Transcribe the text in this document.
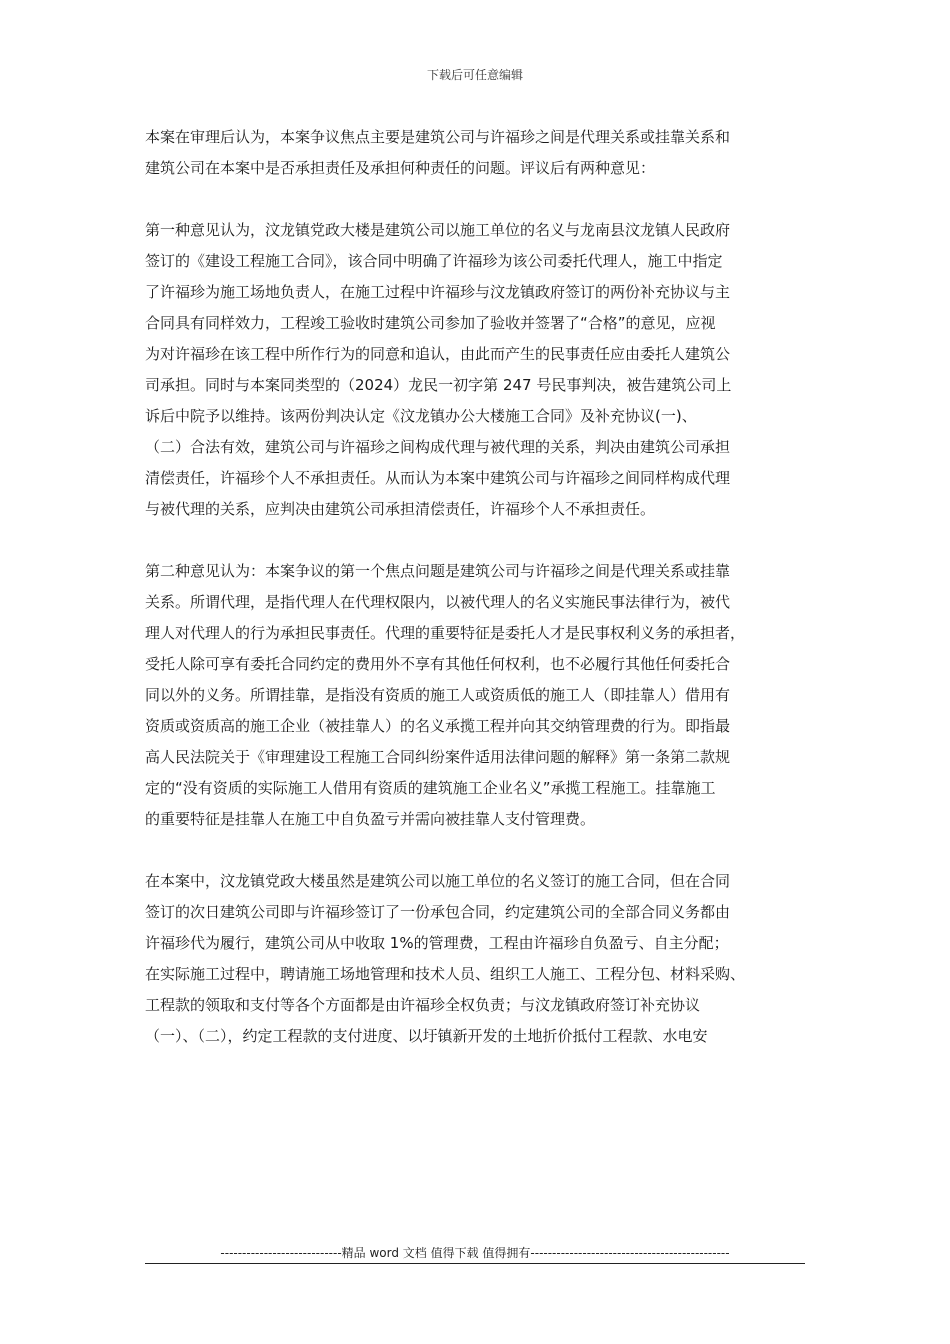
下载后可任意编辑

本案在审理后认为，本案争议焦点主要是建筑公司与许福珍之间是代理关系或挂靠关系和
建筑公司在本案中是否承担责任及承担何种责任的问题。评议后有两种意见：

第一种意见认为，汶龙镇党政大楼是建筑公司以施工单位的名义与龙南县汶龙镇人民政府
签订的《建设工程施工合同》，该合同中明确了许福珍为该公司委托代理人，施工中指定
了许福珍为施工场地负责人，在施工过程中许福珍与汶龙镇政府签订的两份补充协议与主
合同具有同样效力，工程竣工验收时建筑公司参加了验收并签署了“合格”的意见，应视
为对许福珍在该工程中所作行为的同意和追认，由此而产生的民事责任应由委托人建筑公
司承担。同时与本案同类型的（2024）龙民一初字第 247 号民事判决，被告建筑公司上
诉后中院予以维持。该两份判决认定《汶龙镇办公大楼施工合同》及补充协议(一)、
（二）合法有效，建筑公司与许福珍之间构成代理与被代理的关系，判决由建筑公司承担
清偿责任，许福珍个人不承担责任。从而认为本案中建筑公司与许福珍之间同样构成代理
与被代理的关系，应判决由建筑公司承担清偿责任，许福珍个人不承担责任。

第二种意见认为：本案争议的第一个焦点问题是建筑公司与许福珍之间是代理关系或挂靠
关系。所谓代理，是指代理人在代理权限内，以被代理人的名义实施民事法律行为，被代
理人对代理人的行为承担民事责任。代理的重要特征是委托人才是民事权利义务的承担者，
受托人除可享有委托合同约定的费用外不享有其他任何权利，也不必履行其他任何委托合
同以外的义务。所谓挂靠，是指没有资质的施工人或资质低的施工人（即挂靠人）借用有
资质或资质高的施工企业（被挂靠人）的名义承揽工程并向其交纳管理费的行为。即指最
高人民法院关于《审理建设工程施工合同纠纷案件适用法律问题的解释》第一条第二款规
定的“没有资质的实际施工人借用有资质的建筑施工企业名义”承揽工程施工。挂靠施工
的重要特征是挂靠人在施工中自负盈亏并需向被挂靠人支付管理费。

在本案中，汶龙镇党政大楼虽然是建筑公司以施工单位的名义签订的施工合同，但在合同
签订的次日建筑公司即与许福珍签订了一份承包合同，约定建筑公司的全部合同义务都由
许福珍代为履行，建筑公司从中收取 1%的管理费，工程由许福珍自负盈亏、自主分配；
在实际施工过程中，聘请施工场地管理和技术人员、组织工人施工、工程分包、材料采购、
工程款的领取和支付等各个方面都是由许福珍全权负责；与汶龙镇政府签订补充协议
（一）、（二），约定工程款的支付进度、以圩镇新开发的土地折价抵付工程款、水电安

----------------------------精品 word 文档 值得下载 值得拥有----------------------------------------------
